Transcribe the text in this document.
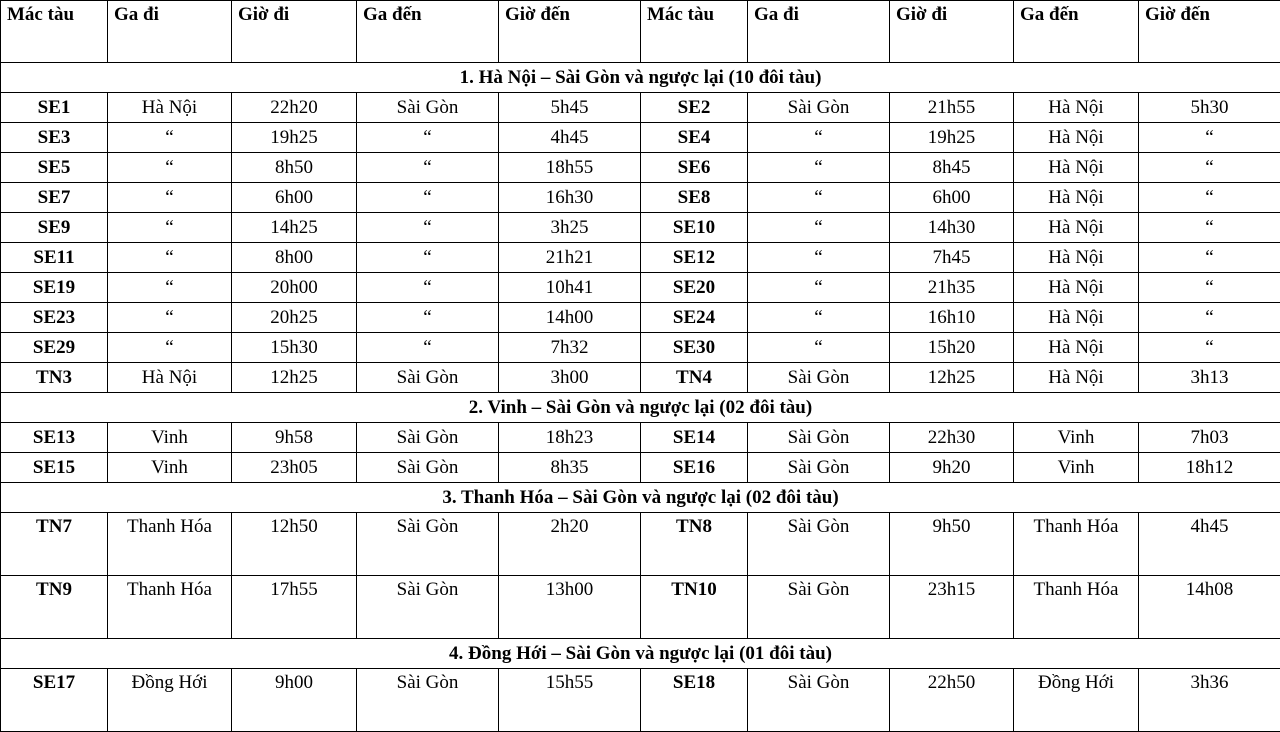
Mác tàu	Ga đi	Giờ đi	Ga đến	Giờ đến	Mác tàu	Ga đi	Giờ đi	Ga đến	Giờ đến
1. Hà Nội – Sài Gòn và ngược lại (10 đôi tàu)									
SE1	Hà Nội	22h20	Sài Gòn	5h45	SE2	Sài Gòn	21h55	Hà Nội	5h30
SE3	“	19h25	“	4h45	SE4	“	19h25	Hà Nội	“
SE5	“	8h50	“	18h55	SE6	“	8h45	Hà Nội	“
SE7	“	6h00	“	16h30	SE8	“	6h00	Hà Nội	“
SE9	“	14h25	“	3h25	SE10	“	14h30	Hà Nội	“
SE11	“	8h00	“	21h21	SE12	“	7h45	Hà Nội	“
SE19	“	20h00	“	10h41	SE20	“	21h35	Hà Nội	“
SE23	“	20h25	“	14h00	SE24	“	16h10	Hà Nội	“
SE29	“	15h30	“	7h32	SE30	“	15h20	Hà Nội	“
TN3	Hà Nội	12h25	Sài Gòn	3h00	TN4	Sài Gòn	12h25	Hà Nội	3h13
2. Vinh – Sài Gòn và ngược lại (02 đôi tàu)									
SE13	Vinh	9h58	Sài Gòn	18h23	SE14	Sài Gòn	22h30	Vinh	7h03
SE15	Vinh	23h05	Sài Gòn	8h35	SE16	Sài Gòn	9h20	Vinh	18h12
3. Thanh Hóa – Sài Gòn và ngược lại (02 đôi tàu)									
TN7	Thanh Hóa	12h50	Sài Gòn	2h20	TN8	Sài Gòn	9h50	Thanh Hóa	4h45
TN9	Thanh Hóa	17h55	Sài Gòn	13h00	TN10	Sài Gòn	23h15	Thanh Hóa	14h08
4. Đồng Hới – Sài Gòn và ngược lại (01 đôi tàu)									
SE17	Đồng Hới	9h00	Sài Gòn	15h55	SE18	Sài Gòn	22h50	Đồng Hới	3h36
